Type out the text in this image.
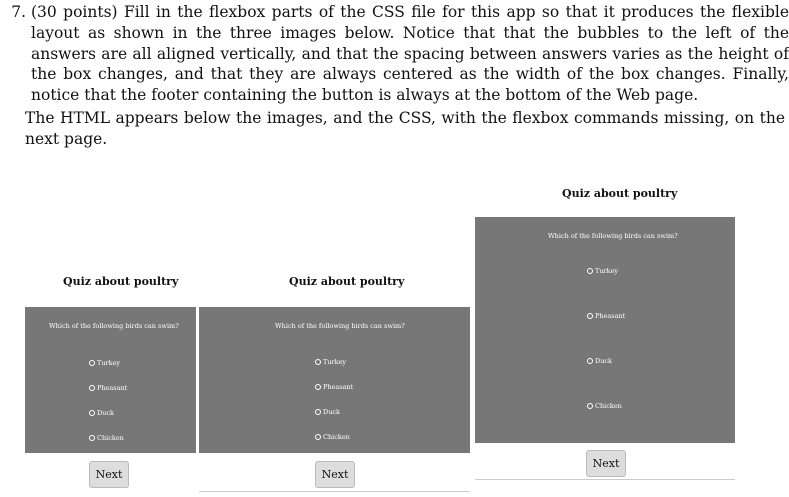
7. (30 points) Fill in the flexbox parts of the CSS file for this app so that it produces the flexible layout as shown in the three images below. Notice that that the bubbles to the left of the answers are all aligned vertically, and that the spacing between answers varies as the height of the box changes, and that they are always centered as the width of the box changes. Finally, notice that the footer containing the button is always at the bottom of the Web page.
The HTML appears below the images, and the CSS, with the flexbox commands missing, on the next page.
Quiz about poultry
Which of the following birds can swim?
Turkey
Pheasant
Duck
Chicken
Next
Quiz about poultry
Which of the following birds can swim?
Turkey
Pheasant
Duck
Chicken
Next
Quiz about poultry
Which of the following birds can swim?
Turkey
Pheasant
Duck
Chicken
Next
